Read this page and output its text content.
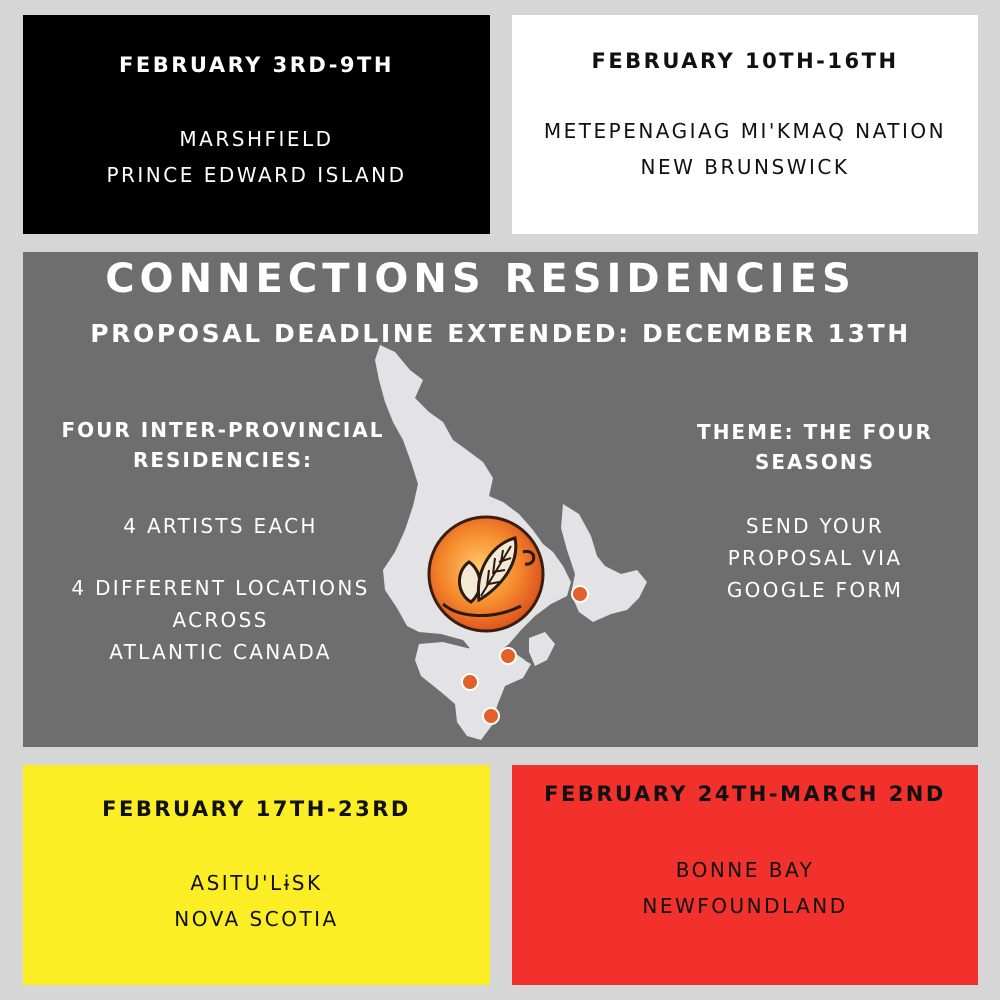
FEBRUARY 3RD-9TH
MARSHFIELD
PRINCE EDWARD ISLAND
FEBRUARY 10TH-16TH
METEPENAGIAG MI'KMAQ NATION
NEW BRUNSWICK
CONNECTIONS RESIDENCIES
PROPOSAL DEADLINE EXTENDED: DECEMBER 13TH
FOUR INTER-PROVINCIAL
RESIDENCIES:
4 ARTISTS EACH
4 DIFFERENT LOCATIONS
ACROSS
ATLANTIC CANADA
THEME: THE FOUR
SEASONS
SEND YOUR
PROPOSAL VIA
GOOGLE FORM
FEBRUARY 17TH-23RD
ASITU'LɨSK
NOVA SCOTIA
FEBRUARY 24TH-MARCH 2ND
BONNE BAY
NEWFOUNDLAND
